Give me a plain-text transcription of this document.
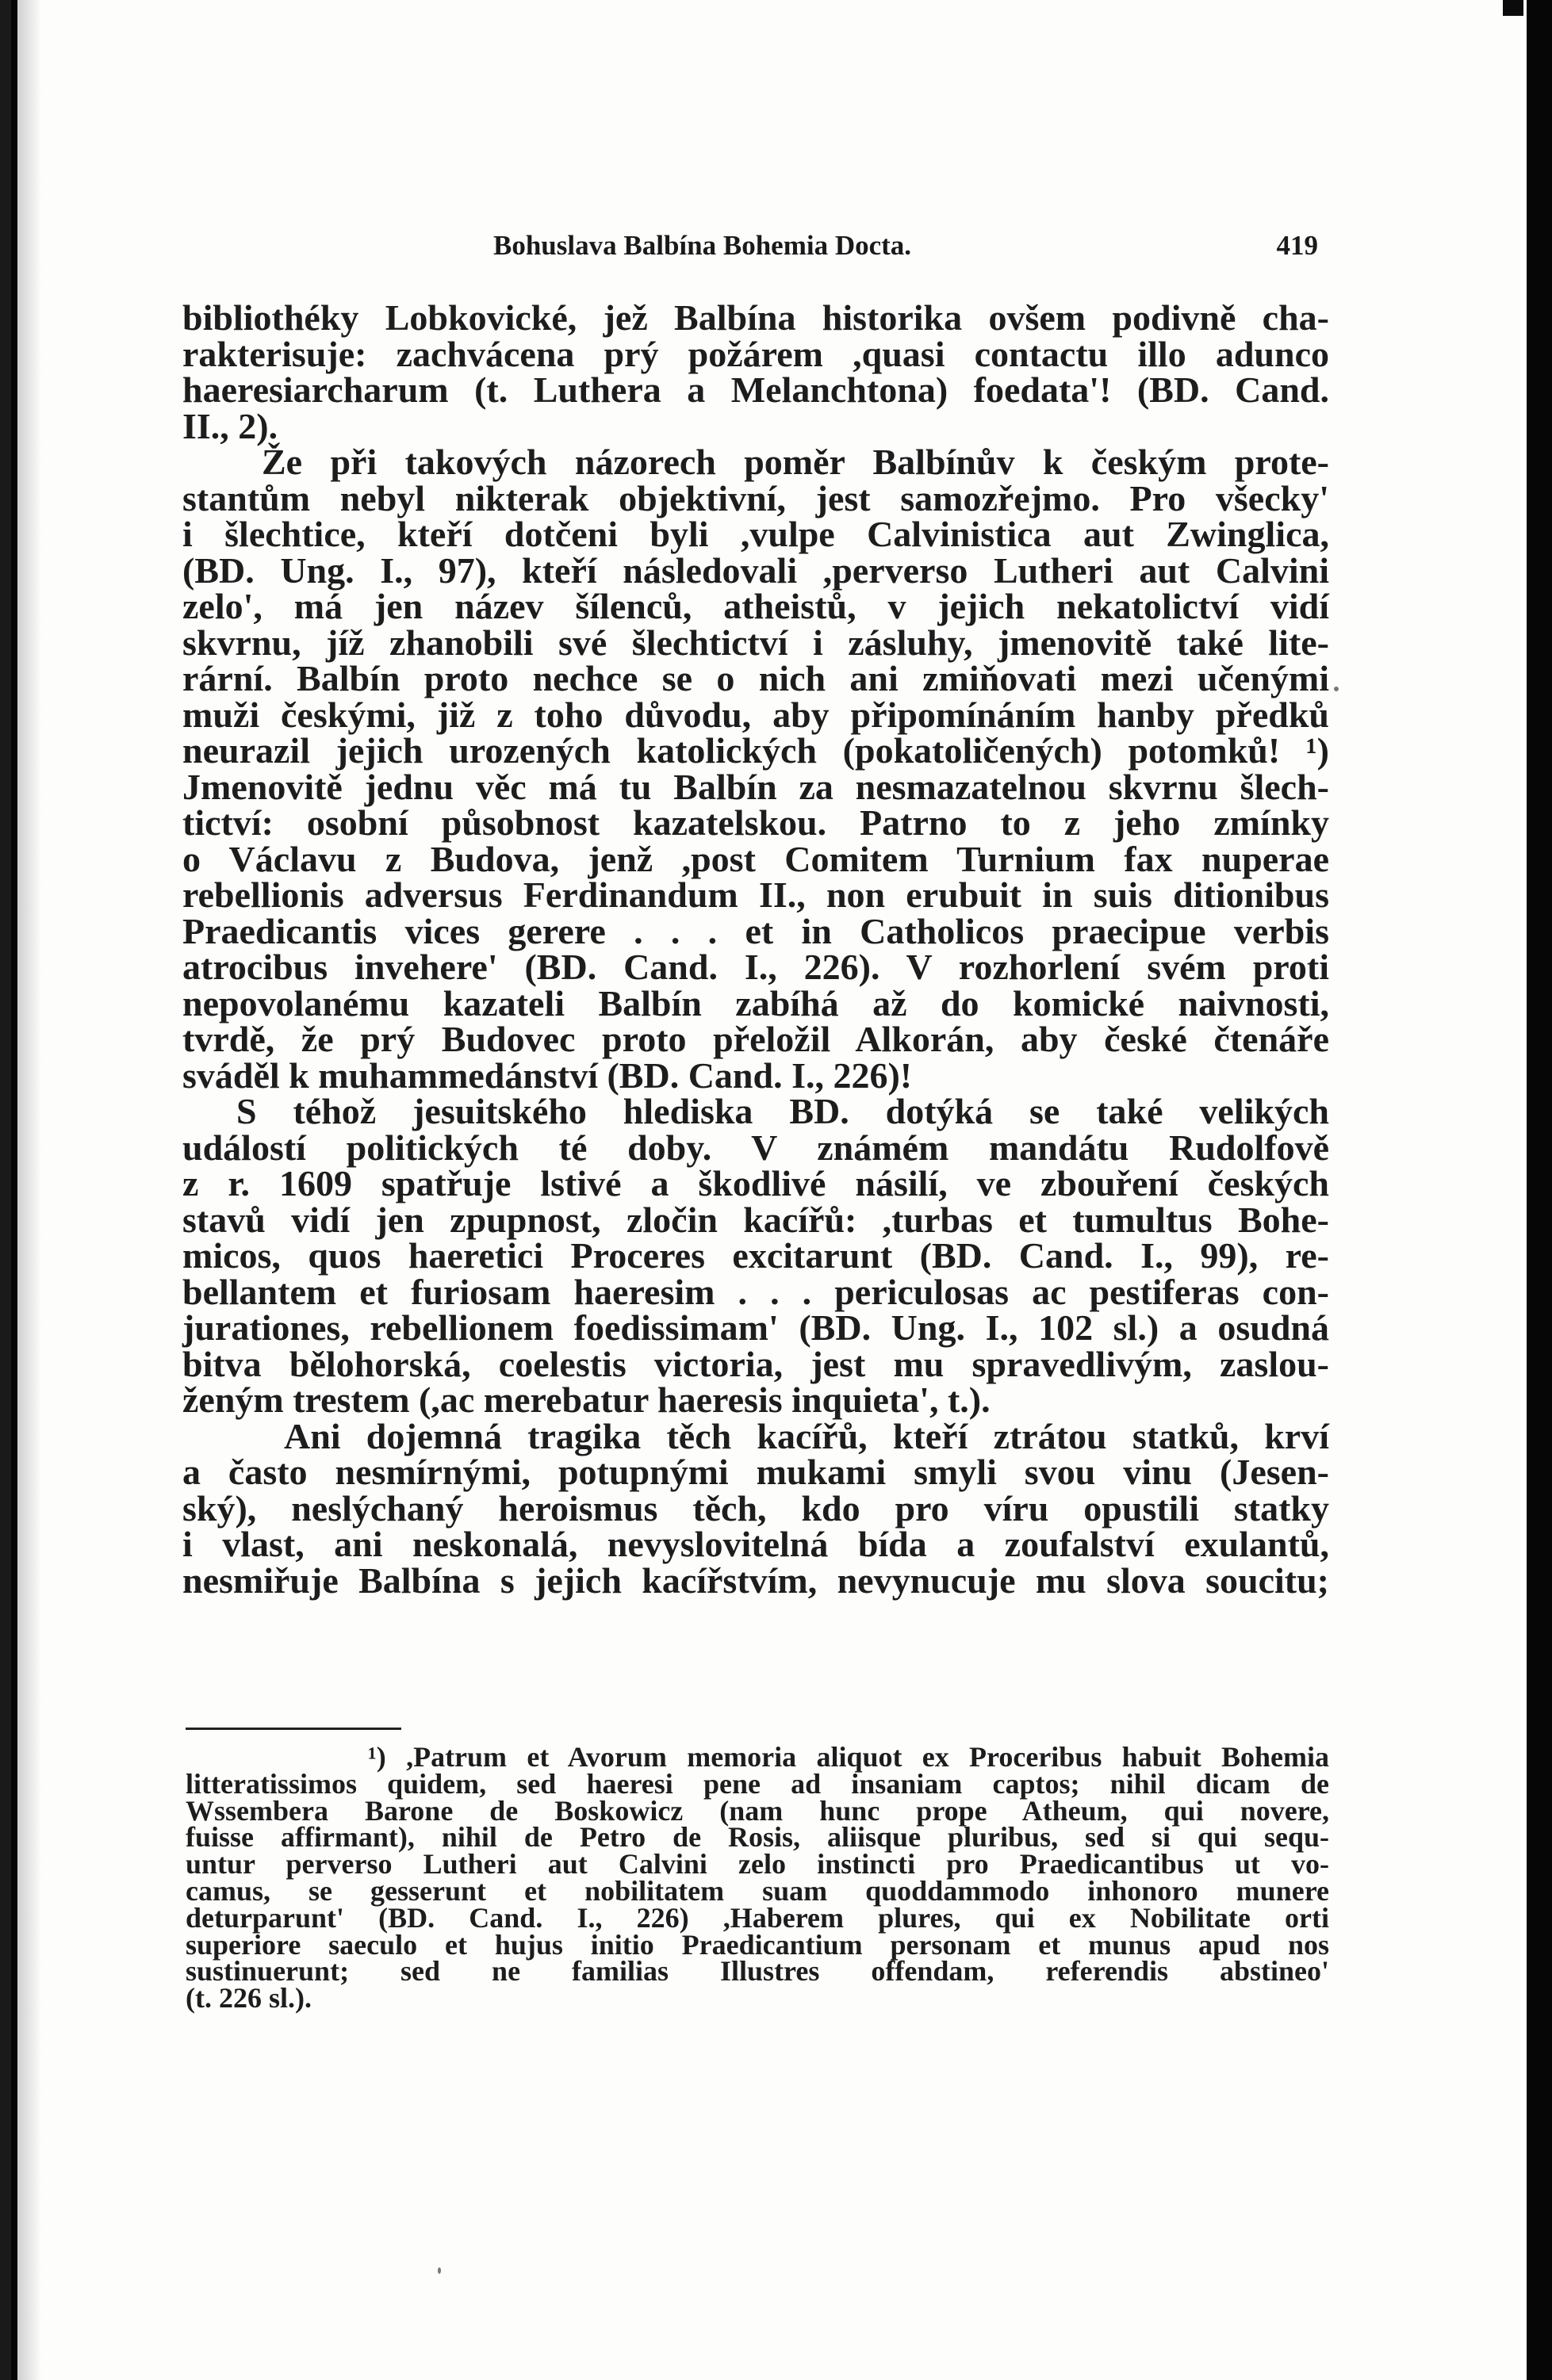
Bohuslava Balbína Bohemia Docta.	419
bibliothéky Lobkovické, jež Balbína historika ovšem podivně cha-
rakterisuje: zachvácena prý požárem ,quasi contactu illo adunco
haeresiarcharum (t. Luthera a Melanchtona) foedata'! (BD. Cand.
II., 2).
Že při takových názorech poměr Balbínův k českým prote-
stantům nebyl nikterak objektivní, jest samozřejmo. Pro všecky'
i šlechtice, kteří dotčeni byli ,vulpe Calvinistica aut Zwinglica,
(BD. Ung. I., 97), kteří následovali ,perverso Lutheri aut Calvini
zelo', má jen název šílenců, atheistů, v jejich nekatolictví vidí
skvrnu, jíž zhanobili své šlechtictví i zásluhy, jmenovitě také lite-
rární. Balbín proto nechce se o nich ani zmiňovati mezi učenými
muži českými, již z toho důvodu, aby připomínáním hanby předků
neurazil jejich urozených katolických (pokatoličených) potomků! ¹)
Jmenovitě jednu věc má tu Balbín za nesmazatelnou skvrnu šlech-
tictví: osobní působnost kazatelskou. Patrno to z jeho zmínky
o Václavu z Budova, jenž ,post Comitem Turnium fax nuperae
rebellionis adversus Ferdinandum II., non erubuit in suis ditionibus
Praedicantis vices gerere . . . et in Catholicos praecipue verbis
atrocibus invehere' (BD. Cand. I., 226). V rozhorlení svém proti
nepovolanému kazateli Balbín zabíhá až do komické naivnosti,
tvrdě, že prý Budovec proto přeložil Alkorán, aby české čtenáře
sváděl k muhammedánství (BD. Cand. I., 226)!
S téhož jesuitského hlediska BD. dotýká se také velikých
událostí politických té doby. V známém mandátu Rudolfově
z r. 1609 spatřuje lstivé a škodlivé násilí, ve zbouření českých
stavů vidí jen zpupnost, zločin kacířů: ,turbas et tumultus Bohe-
micos, quos haeretici Proceres excitarunt (BD. Cand. I., 99), re-
bellantem et furiosam haeresim . . . periculosas ac pestiferas con-
jurationes, rebellionem foedissimam' (BD. Ung. I., 102 sl.) a osudná
bitva bělohorská, coelestis victoria, jest mu spravedlivým, zaslou-
ženým trestem (,ac merebatur haeresis inquieta', t.).
Ani dojemná tragika těch kacířů, kteří ztrátou statků, krví
a často nesmírnými, potupnými mukami smyli svou vinu (Jesen-
ský), neslýchaný heroismus těch, kdo pro víru opustili statky
i vlast, ani neskonalá, nevyslovitelná bída a zoufalství exulantů,
nesmiřuje Balbína s jejich kacířstvím, nevynucuje mu slova soucitu;
¹) ,Patrum et Avorum memoria aliquot ex Proceribus habuit Bohemia
litteratissimos quidem, sed haeresi pene ad insaniam captos; nihil dicam de
Wssembera Barone de Boskowicz (nam hunc prope Atheum, qui novere,
fuisse affirmant), nihil de Petro de Rosis, aliisque pluribus, sed si qui sequ-
untur perverso Lutheri aut Calvini zelo instincti pro Praedicantibus ut vo-
camus, se gesserunt et nobilitatem suam quoddammodo inhonoro munere
deturparunt' (BD. Cand. I., 226) ,Haberem plures, qui ex Nobilitate orti
superiore saeculo et hujus initio Praedicantium personam et munus apud nos
sustinuerunt; sed ne familias Illustres offendam, referendis abstineo'
(t. 226 sl.).
